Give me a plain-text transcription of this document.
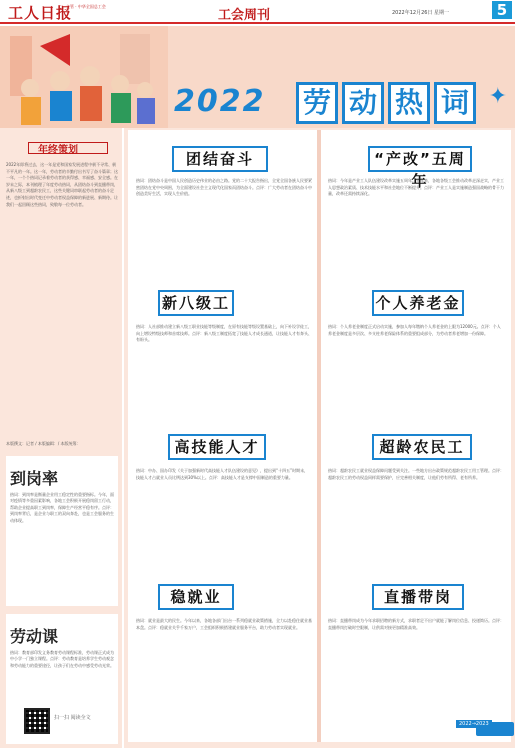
工人日报
主管 · 中华全国总工会
工会周刊	2022年12月26日 星期一	5
2022 劳 动 热 词 ✦
年终策划
2022年即将过去，这一年是党和国家发展进程中极不寻常、极不平凡的一年。这一年，劳动者的辛勤付出书写了奋斗篇章；这一年，一个个热词记录着劳动者的获得感、幸福感、安全感。在岁末之际，本刊梳理了年度劳动热词，从团结奋斗到直播带岗，从新八级工到超龄农民工，这些关键词串联起劳动者的奋斗足迹，也折射出时代变迁中劳动者权益保障的新进展、新期待。让我们一起回顾这些热词，致敬每一位劳动者。
本版撰文：记者 / 本版编辑：/ 本版统筹：
到岗率
热词：到岗率是衡量企业用工稳定性的重要指标。今年，面对疫情等多重因素影响，各地工会积极开展稳岗留工行动，帮助企业提高职工到岗率，保障生产经营平稳有序。点评：到岗率背后，是企业与职工的双向奔赴，也是工会服务的生动体现。
劳动课
热词：教育部印发义务教育劳动课程标准，劳动课正式成为中小学一门独立课程。点评：劳动教育是培养学生劳动观念和劳动能力的重要途径，让孩子们在劳动中感受劳动光荣。
扫一扫 阅读全文
团结奋斗
热词：团结奋斗是中国人民创造历史伟业的必由之路。党的二十大报告指出，全党全国各族人民要紧密团结在党中央周围，为全面建设社会主义现代化国家而团结奋斗。点评：广大劳动者在团结奋斗中创造美好生活，实现人生价值。
“产改”五周年
热词：今年是产业工人队伍建设改革实施五周年。五年来，各地各级工会推动改革走深走实，产业工人思想政治素质、技术技能水平和社会地位不断提升。点评：产业工人是实施制造强国战略的骨干力量，改革还需持续深化。
新八级工
热词：人社部推动建立新八级工职业技能等级制度，在原有技能等级设置基础上，向下补设学徒工，向上增设特级技师和首席技师。点评：新八级工制度拓宽了技能人才成长通道，让技能人才有奔头、有盼头。
个人养老金
热词：个人养老金制度正式启动实施，参加人每年缴纳个人养老金的上限为12000元。点评：个人养老金制度是多层次、多支柱养老保险体系的重要组成部分，为劳动者养老增加一份保障。
高技能人才
热词：中办、国办印发《关于加强新时代高技能人才队伍建设的意见》，提出到“十四五”时期末，技能人才占就业人员比例达到30%以上。点评：高技能人才是支撑中国制造的重要力量。
超龄农民工
热词：超龄农民工就业权益保障问题受到关注。一些地方出台政策规范超龄农民工用工管理。点评：超龄农民工的劳动权益同样需要保护，应完善相关制度，让他们劳有所得、老有所养。
稳就业
热词：就业是最大的民生。今年以来，各地各部门出台一系列稳就业政策措施，全力以赴稳住就业基本盘。点评：稳就业关乎千家万户，工会组织积极搭建就业服务平台，助力劳动者实现就业。
直播带岗
热词：直播带岗成为今年求职招聘的新方式，求职者足不出户就能了解岗位信息、投递简历。点评：直播带岗打破时空限制，让供需对接更加精准高效。
2022→2023
